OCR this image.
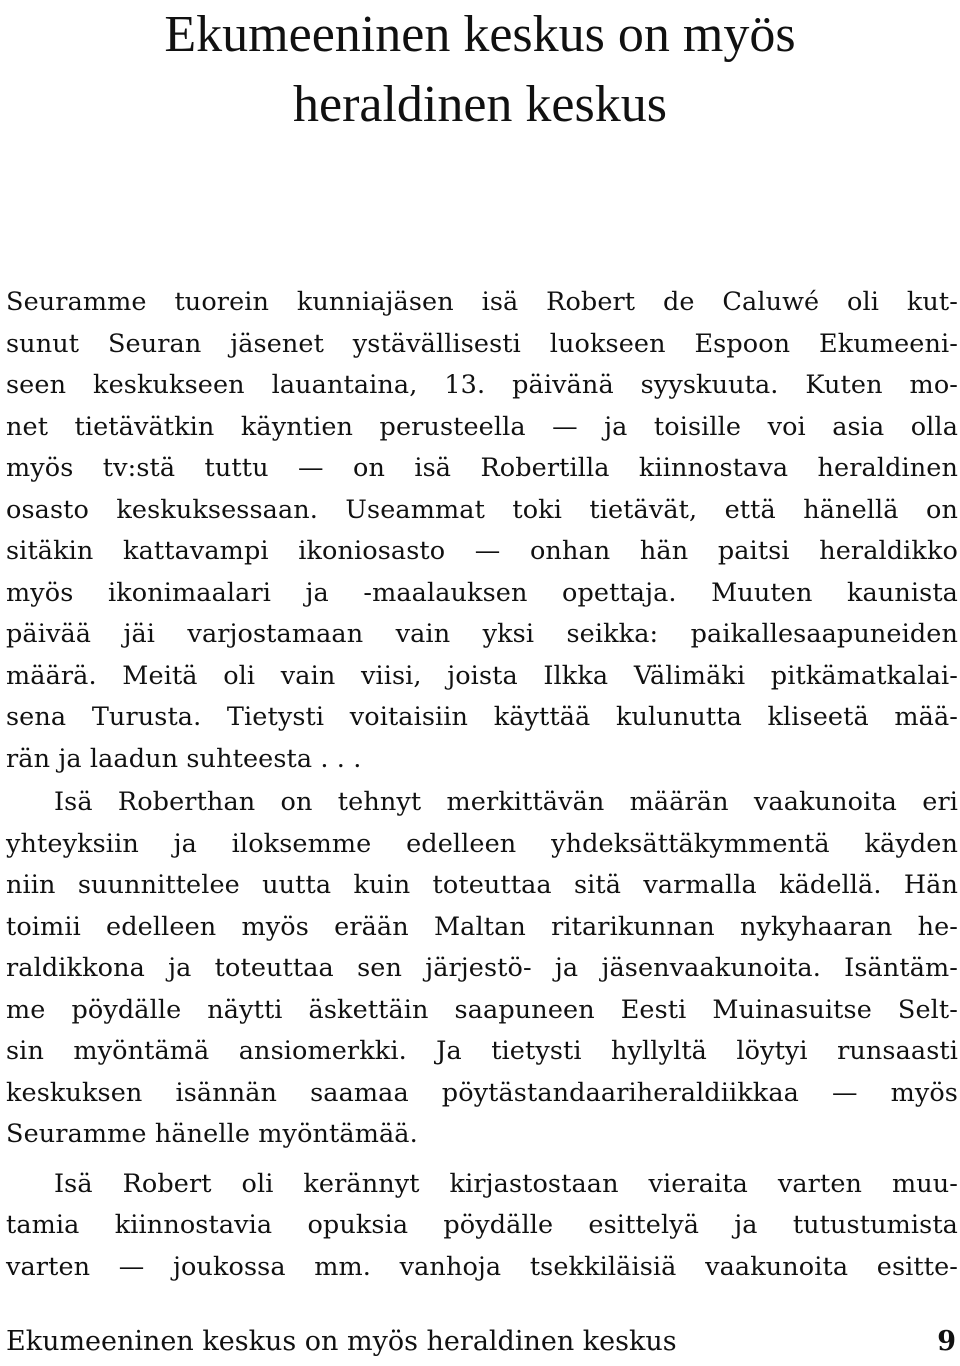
Ekumeeninen keskus on myös
heraldinen keskus

Seuramme tuorein kunniajäsen isä Robert de Caluwé oli kut-
sunut Seuran jäsenet ystävällisesti luokseen Espoon Ekumeeni-
seen keskukseen lauantaina, 13. päivänä syyskuuta. Kuten mo-
net tietävätkin käyntien perusteella — ja toisille voi asia olla
myös tv:stä tuttu — on isä Robertilla kiinnostava heraldinen
osasto keskuksessaan. Useammat toki tietävät, että hänellä on
sitäkin kattavampi ikoniosasto — onhan hän paitsi heraldikko
myös ikonimaalari ja -maalauksen opettaja. Muuten kaunista
päivää jäi varjostamaan vain yksi seikka: paikallesaapuneiden
määrä. Meitä oli vain viisi, joista Ilkka Välimäki pitkämatkalai-
sena Turusta. Tietysti voitaisiin käyttää kulunutta kliseetä mää-
rän ja laadun suhteesta . . .

Isä Roberthan on tehnyt merkittävän määrän vaakunoita eri
yhteyksiin ja iloksemme edelleen yhdeksättäkymmentä käyden
niin suunnittelee uutta kuin toteuttaa sitä varmalla kädellä. Hän
toimii edelleen myös erään Maltan ritarikunnan nykyhaaran he-
raldikkona ja toteuttaa sen järjestö- ja jäsenvaakunoita. Isäntäm-
me pöydälle näytti äskettäin saapuneen Eesti Muinasuitse Selt-
sin myöntämä ansiomerkki. Ja tietysti hyllyltä löytyi runsaasti
keskuksen isännän saamaa pöytästandaariheraldiikkaa — myös
Seuramme hänelle myöntämää.

Isä Robert oli kerännyt kirjastostaan vieraita varten muu-
tamia kiinnostavia opuksia pöydälle esittelyä ja tutustumista
varten — joukossa mm. vanhoja tsekkiläisiä vaakunoita esitte-

Ekumeeninen keskus on myös heraldinen keskus	9
